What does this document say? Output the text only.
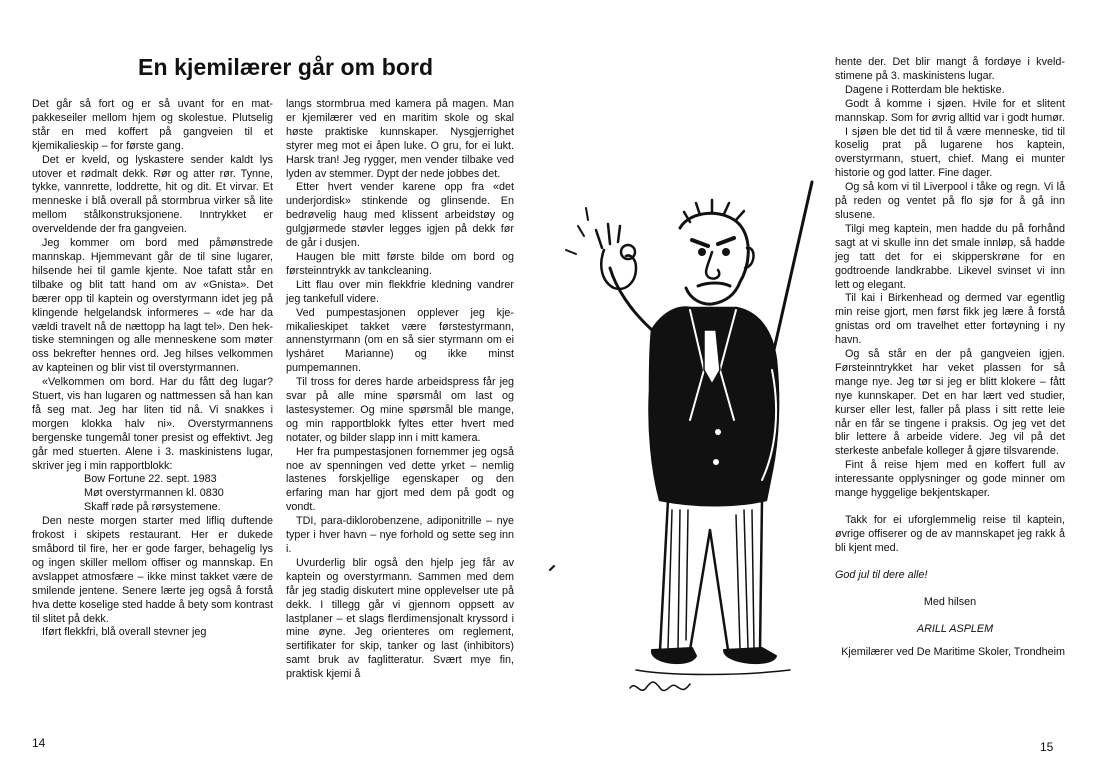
En kjemilærer går om bord

Det går så fort og er så uvant for en matpakkeseiler mellom hjem og skolestue. Plutselig står en med koffert på gangveien til et kjemikalieskip – for første gang.

Det er kveld, og lyskastere sender kaldt lys utover et rødmalt dekk. Rør og atter rør. Tynne, tykke, vannrette, loddrette, hit og dit. Et virvar. Et menneske i blå overall på stormbrua virker så lite mellom stålkonstruksjonene. Inntrykket er overveldende der fra gangveien.

Jeg kommer om bord med påmønstrede mannskap. Hjemmevant går de til sine lugarer, hilsende hei til gamle kjente. Noe tafatt står en tilbake og blit tatt hand om av «Gnista». Det bærer opp til kaptein og overstyrmann idet jeg på klingende helgelandsk informeres – «de har da vældi travelt nå de nættopp ha lagt tel». Den hektiske stemningen og alle menneskene som møter oss bekrefter hennes ord. Jeg hilses velkommen av kapteinen og blir vist til overstyrmannen.

«Velkommen om bord. Har du fått deg lugar? Stuert, vis han lugaren og nattmessen så han kan få seg mat. Jeg har liten tid nå. Vi snakkes i morgen klokka halv ni». Overstyrmannens bergenske tungemål toner presist og effektivt. Jeg går med stuerten. Alene i 3. maskinistens lugar, skriver jeg i min rapportblokk:

Bow Fortune 22. sept. 1983

Møt overstyrmannen kl. 0830

Skaff røde på rørsystemene.

Den neste morgen starter med lifliq duftende frokost i skipets restaurant. Her er dukede småbord til fire, her er gode farger, behagelig lys og ingen skiller mellom offiser og mannskap. En avslappet atmosfære – ikke minst takket være de smilende jentene. Senere lærte jeg også å forstå hva dette koselige sted hadde å bety som kontrast til slitet på dekk.

Iført flekkfri, blå overall stevner jeg

langs stormbrua med kamera på magen. Man er kjemilærer ved en maritim skole og skal høste praktiske kunnskaper. Nysgjerrighet styrer meg mot ei åpen luke. O gru, for ei lukt. Harsk tran! Jeg rygger, men vender tilbake ved lyden av stemmer. Dypt der nede jobbes det.

Etter hvert vender karene opp fra «det underjordisk» stinkende og glinsende. En bedrøvelig haug med klissent arbeidstøy og gulgjørmede støvler legges igjen på dekk før de går i dusjen.

Haugen ble mitt første bilde om bord og førsteinntrykk av tankcleaning.

Litt flau over min flekkfrie kledning vandrer jeg tankefull videre.

Ved pumpestasjonen opplever jeg kjemikalieskipet takket være førstestyrmann, annenstyrmann (om en så sier styrmann om ei lysháret Marianne) og ikke minst pumpemannen.

Til tross for deres harde arbeidspress får jeg svar på alle mine spørsmål om last og lastesystemer. Og mine spørsmål ble mange, og min rapportblokk fyltes etter hvert med notater, og bilder slapp inn i mitt kamera.

Her fra pumpestasjonen fornemmer jeg også noe av spenningen ved dette yrket – nemlig lastenes forskjellige egenskaper og den erfaring man har gjort med dem på godt og vondt.

TDI, para-diklorobenzene, adiponitrille – nye typer i hver havn – nye forhold og sette seg inn i.

Uvurderlig blir også den hjelp jeg får av kaptein og overstyrmann. Sammen med dem får jeg stadig diskutert mine opplevelser ute på dekk. I tillegg går vi gjennom oppsett av lastplaner – et slags flerdimensjonalt kryssord i mine øyne. Jeg orienteres om reglement, sertifikater for skip, tanker og last (inhibitors) samt bruk av faglitteratur. Svært mye fin, praktisk kjemi å

hente der. Det blir mangt å fordøye i kveldstimene på 3. maskinistens lugar.

Dagene i Rotterdam ble hektiske.

Godt å komme i sjøen. Hvile for et slitent mannskap. Som for øvrig alltid var i godt humør.

I sjøen ble det tid til å være menneske, tid til koselig prat på lugarene hos kaptein, overstyrmann, stuert, chief. Mang ei munter historie og god latter. Fine dager.

Og så kom vi til Liverpool i tåke og regn. Vi lå på reden og ventet på flo sjø for å gå inn slusene.

Tilgi meg kaptein, men hadde du på forhånd sagt at vi skulle inn det smale innløp, så hadde jeg tatt det for ei skipperskrøne for en godtroende landkrabbe. Likevel svinset vi inn lett og elegant.

Til kai i Birkenhead og dermed var egentlig min reise gjort, men først fikk jeg lære å forstå gnistas ord om travelhet etter fortøyning i ny havn.

Og så står en der på gangveien igjen. Førsteinntrykket har veket plassen for så mange nye. Jeg tør si jeg er blitt klokere – fått nye kunnskaper. Det en har lært ved studier, kurser eller lest, faller på plass i sitt rette leie når en får se tingene i praksis. Og jeg vet det blir lettere å arbeide videre. Jeg vil på det sterkeste anbefale kolleger å gjøre tilsvarende.

Fint å reise hjem med en koffert full av interessante opplysninger og gode minner om mange hyggelige bekjentskaper.

Takk for ei uforglemmelig reise til kaptein, øvrige offiserer og de av mannskapet jeg rakk å bli kjent med.

God jul til dere alle!

Med hilsen

ARILL ASPLEM

Kjemilærer ved De Maritime Skoler, Trondheim

14	15
